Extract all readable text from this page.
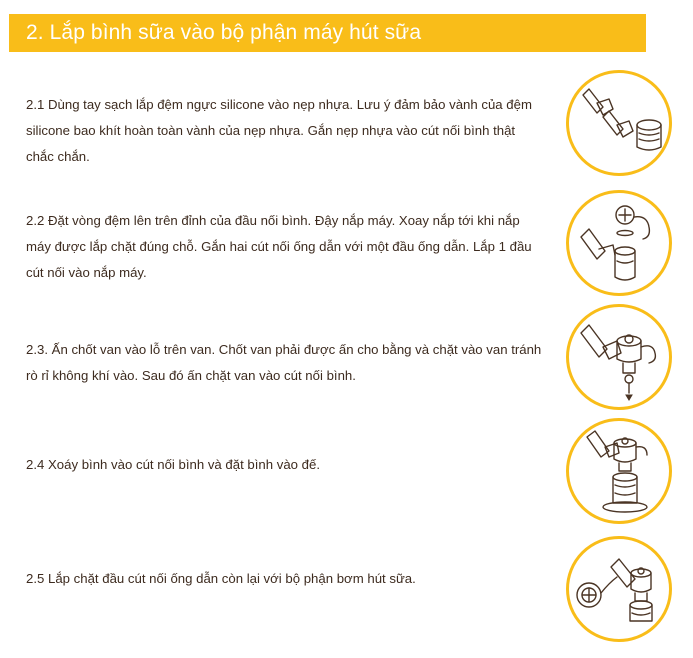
2. Lắp bình sữa vào bộ phận máy hút sữa
2.1 Dùng tay sạch lắp đệm ngực silicone vào nẹp nhựa. Lưu ý đảm bảo vành của đệm silicone bao khít hoàn toàn vành của nẹp nhựa. Gắn nẹp nhựa vào cút nối bình thật chắc chắn.
2.2 Đặt vòng đệm lên trên đỉnh của đầu nối bình. Đậy nắp máy. Xoay nắp tới khi nắp máy được lắp chặt đúng chỗ. Gắn hai cút nối ống dẫn với một đầu ống dẫn. Lắp 1 đầu cút nối vào nắp máy.
2.3. Ấn chốt van vào lỗ trên van. Chốt van phải được ấn cho bằng và chặt vào van tránh rò rỉ không khí vào. Sau đó ấn chặt van vào cút nối bình.
2.4 Xoáy bình vào cút nối bình và đặt bình vào đế.
2.5 Lắp chặt đầu cút nối ống dẫn còn lại với bộ phận bơm hút sữa.
